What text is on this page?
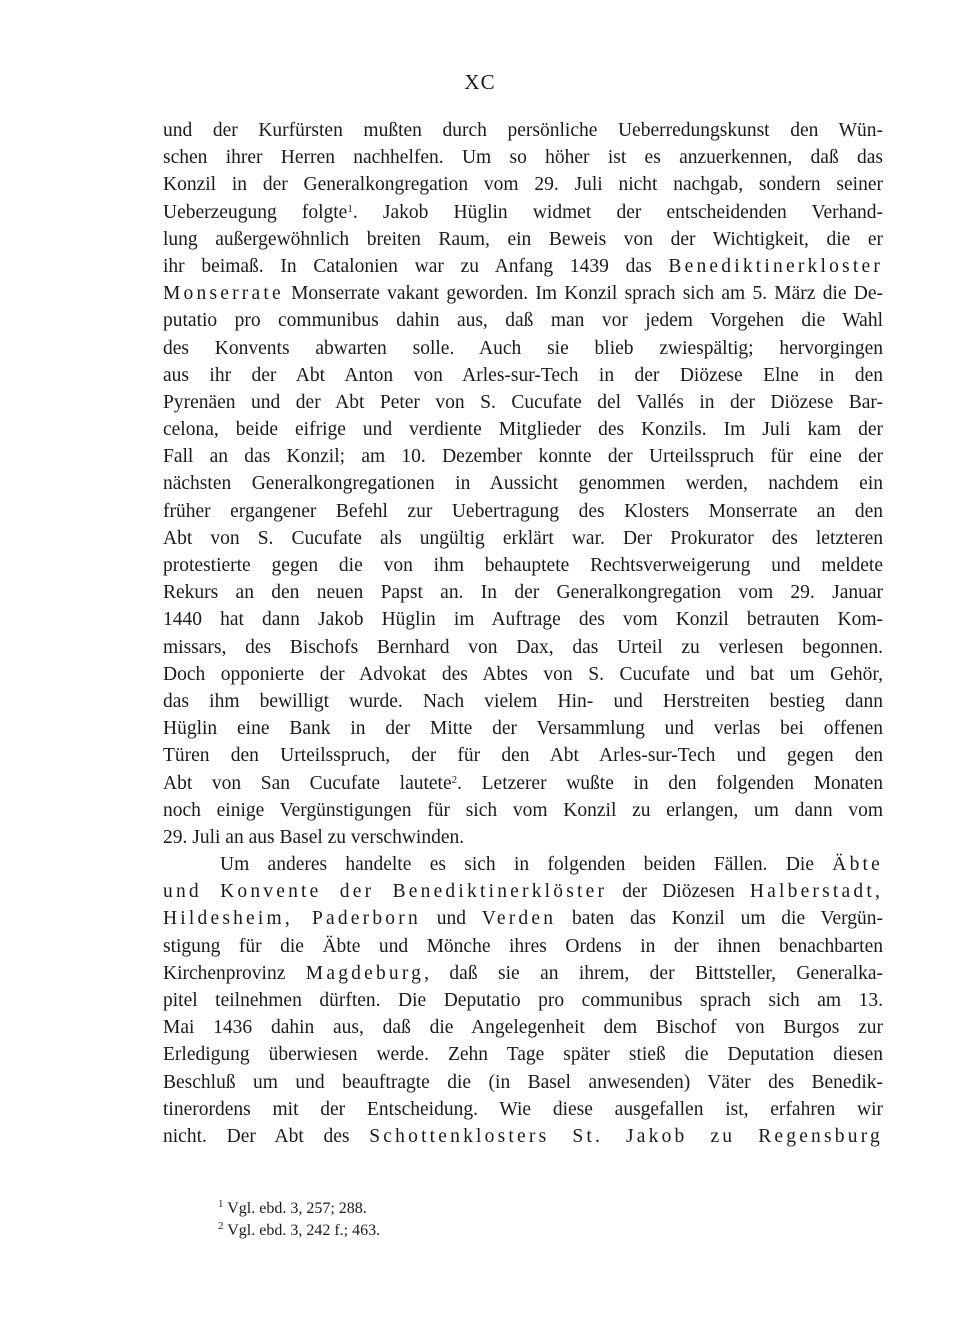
XC
und der Kurfürsten mußten durch persönliche Ueberredungskunst den Wün-
schen ihrer Herren nachhelfen. Um so höher ist es anzuerkennen, daß das
Konzil in der Generalkongregation vom 29. Juli nicht nachgab, sondern seiner
Ueberzeugung folgte$^1$. Jakob Hüglin widmet der entscheidenden Verhand-
lung außergewöhnlich breiten Raum, ein Beweis von der Wichtigkeit, die er
ihr beimaß. In Catalonien war zu Anfang 1439 das Benediktinerkloster
Monserrate Monserrate vakant geworden. Im Konzil sprach sich am 5. März die De-
putatio pro communibus dahin aus, daß man vor jedem Vorgehen die Wahl
des Konvents abwarten solle. Auch sie blieb zwiespältig; hervorgingen
aus ihr der Abt Anton von Arles-sur-Tech in der Diözese Elne in den
Pyrenäen und der Abt Peter von S. Cucufate del Vallés in der Diözese Bar-
celona, beide eifrige und verdiente Mitglieder des Konzils. Im Juli kam der
Fall an das Konzil; am 10. Dezember konnte der Urteilsspruch für eine der
nächsten Generalkongregationen in Aussicht genommen werden, nachdem ein
früher ergangener Befehl zur Uebertragung des Klosters Monserrate an den
Abt von S. Cucufate als ungültig erklärt war. Der Prokurator des letzteren
protestierte gegen die von ihm behauptete Rechtsverweigerung und meldete
Rekurs an den neuen Papst an. In der Generalkongregation vom 29. Januar
1440 hat dann Jakob Hüglin im Auftrage des vom Konzil betrauten Kom-
missars, des Bischofs Bernhard von Dax, das Urteil zu verlesen begonnen.
Doch opponierte der Advokat des Abtes von S. Cucufate und bat um Gehör,
das ihm bewilligt wurde. Nach vielem Hin- und Herstreiten bestieg dann
Hüglin eine Bank in der Mitte der Versammlung und verlas bei offenen
Türen den Urteilsspruch, der für den Abt Arles-sur-Tech und gegen den
Abt von San Cucufate lautete$^2$. Letzerer wußte in den folgenden Monaten
noch einige Vergünstigungen für sich vom Konzil zu erlangen, um dann vom
29. Juli an aus Basel zu verschwinden.
Um anderes handelte es sich in folgenden beiden Fällen. Die Äbte
und Konvente der Benediktinerklöster der Diözesen Halberstadt,
Hildesheim, Paderborn und Verden baten das Konzil um die Vergün-
stigung für die Äbte und Mönche ihres Ordens in der ihnen benachbarten
Kirchenprovinz Magdeburg, daß sie an ihrem, der Bittsteller, Generalka-
pitel teilnehmen dürften. Die Deputatio pro communibus sprach sich am 13.
Mai 1436 dahin aus, daß die Angelegenheit dem Bischof von Burgos zur
Erledigung überwiesen werde. Zehn Tage später stieß die Deputation diesen
Beschluß um und beauftragte die (in Basel anwesenden) Väter des Benedik-
tinerordens mit der Entscheidung. Wie diese ausgefallen ist, erfahren wir
nicht. Der Abt des Schottenklosters St. Jakob zu Regensburg
$^1$ Vgl. ebd. 3, 257; 288.
$^2$ Vgl. ebd. 3, 242 f.; 463.
